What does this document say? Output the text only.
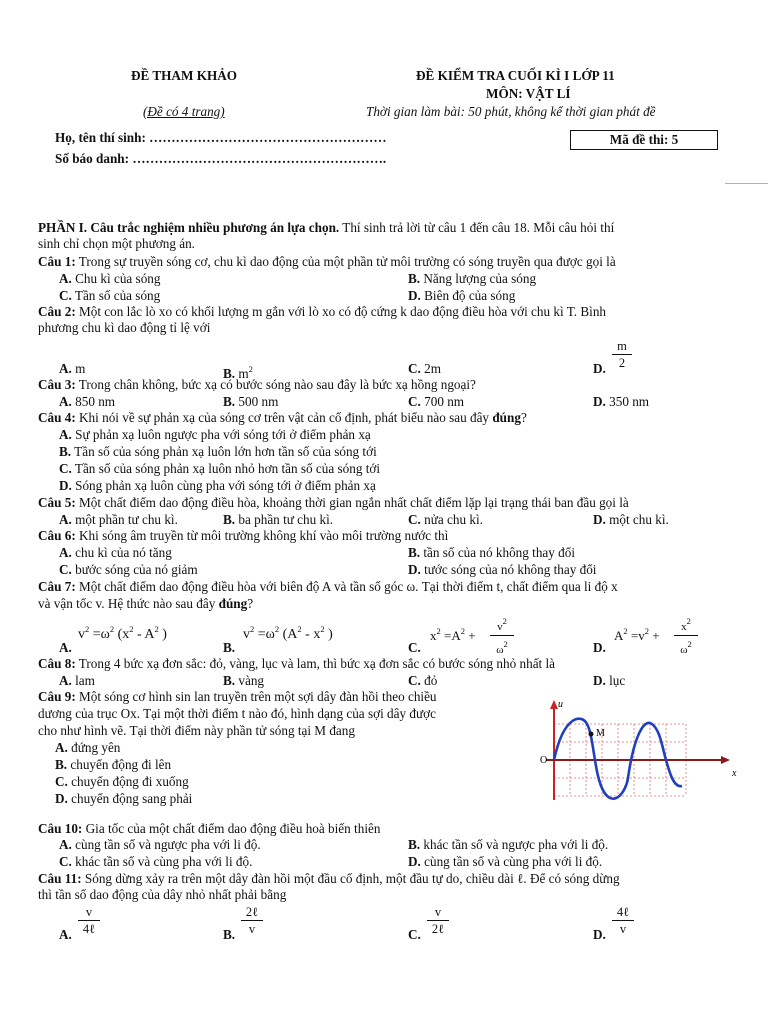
ĐỀ THAM KHẢO
(Đề có 4 trang)
ĐỀ KIỂM TRA CUỐI KÌ I LỚP 11
MÔN: VẬT LÍ
Thời gian làm bài: 50 phút, không kể thời gian phát đề
Họ, tên thí sinh: ………………………………………………
Số báo danh: ………………………………………………….
Mã đề thi: 5
PHẦN I. Câu trắc nghiệm nhiều phương án lựa chọn. Thí sinh trả lời từ câu 1 đến câu 18. Mỗi câu hỏi thí
sinh chỉ chọn một phương án.
Câu 1: Trong sự truyền sóng cơ, chu kì dao động của một phần tử môi trường có sóng truyền qua được gọi là
A. Chu kì của sóng	B. Năng lượng của sóng
C. Tần số của sóng	D. Biên độ của sóng
Câu 2: Một con lắc lò xo có khối lượng m gắn với lò xo có độ cứng k dao động điều hòa với chu kì T. Bình
phương chu kì dao động tỉ lệ với
A. m	B. $m^2$	C. 2m	D.
m
2
Câu 3: Trong chân không, bức xạ có bước sóng nào sau đây là bức xạ hồng ngoại?
A. 850 nm	B. 500 nm	C. 700 nm	D. 350 nm
Câu 4: Khi nói về sự phản xạ của sóng cơ trên vật cản cố định, phát biểu nào sau đây đúng?
A. Sự phản xạ luôn ngược pha với sóng tới ở điểm phản xạ
B. Tần số của sóng phản xạ luôn lớn hơn tần số của sóng tới
C. Tần số của sóng phản xạ luôn nhỏ hơn tần số của sóng tới
D. Sóng phản xạ luôn cùng pha với sóng tới ở điểm phản xạ
Câu 5: Một chất điểm dao động điều hòa, khoảng thời gian ngắn nhất chất điểm lặp lại trạng thái ban đầu gọi là
A. một phần tư chu kì.	B. ba phần tư chu kì.	C. nửa chu kì.	D. một chu kì.
Câu 6: Khi sóng âm truyền từ môi trường không khí vào môi trường nước thì
A. chu kì của nó tăng	B. tần số của nó không thay đổi
C. bước sóng của nó giảm	D. tước sóng của nó không thay đổi
Câu 7: Một chất điểm dao động điều hòa với biên độ A và tần số góc ω. Tại thời điểm t, chất điểm qua li độ x
và vận tốc v. Hệ thức nào sau đây đúng?
A.
$v^2 =\omega^2$ ($x^2 - A^2$ )
B.
$v^2 =\omega^2$ ($A^2 - x^2$ )
C.
$x^2 =A^2$ +
$v^2$
$\omega^2$	D.
$A^2 =v^2$ +
$x^2$
$\omega^2$
Câu 8: Trong 4 bức xạ đơn sắc: đỏ, vàng, lục và lam, thì bức xạ đơn sắc có bước sóng nhỏ nhất là
A. lam	B. vàng	C. đỏ	D. lục
Câu 9: Một sóng cơ hình sin lan truyền trên một sợi dây đàn hồi theo chiều
dương của trục Ox. Tại một thời điểm t nào đó, hình dạng của sợi dây được
cho như hình vẽ. Tại thời điểm này phần tử sóng tại M đang
A. đứng yên
B. chuyển động đi lên
C. chuyển động đi xuống
D. chuyển động sang phải
u
O
x
M
Câu 10: Gia tốc của một chất điểm dao động điều hoà biến thiên
A. cùng tần số và ngược pha với li độ.	B. khác tần số và ngược pha với li độ.
C. khác tần số và cùng pha với li độ.	D. cùng tần số và cùng pha với li độ.
Câu 11: Sóng dừng xảy ra trên một dây đàn hồi một đầu cố định, một đầu tự do, chiều dài ℓ. Để có sóng dừng
thì tần số dao động của dây nhỏ nhất phải bằng
A.
v
4ℓ	B.
2ℓ
v	C.
v
2ℓ	D.
4ℓ
v
